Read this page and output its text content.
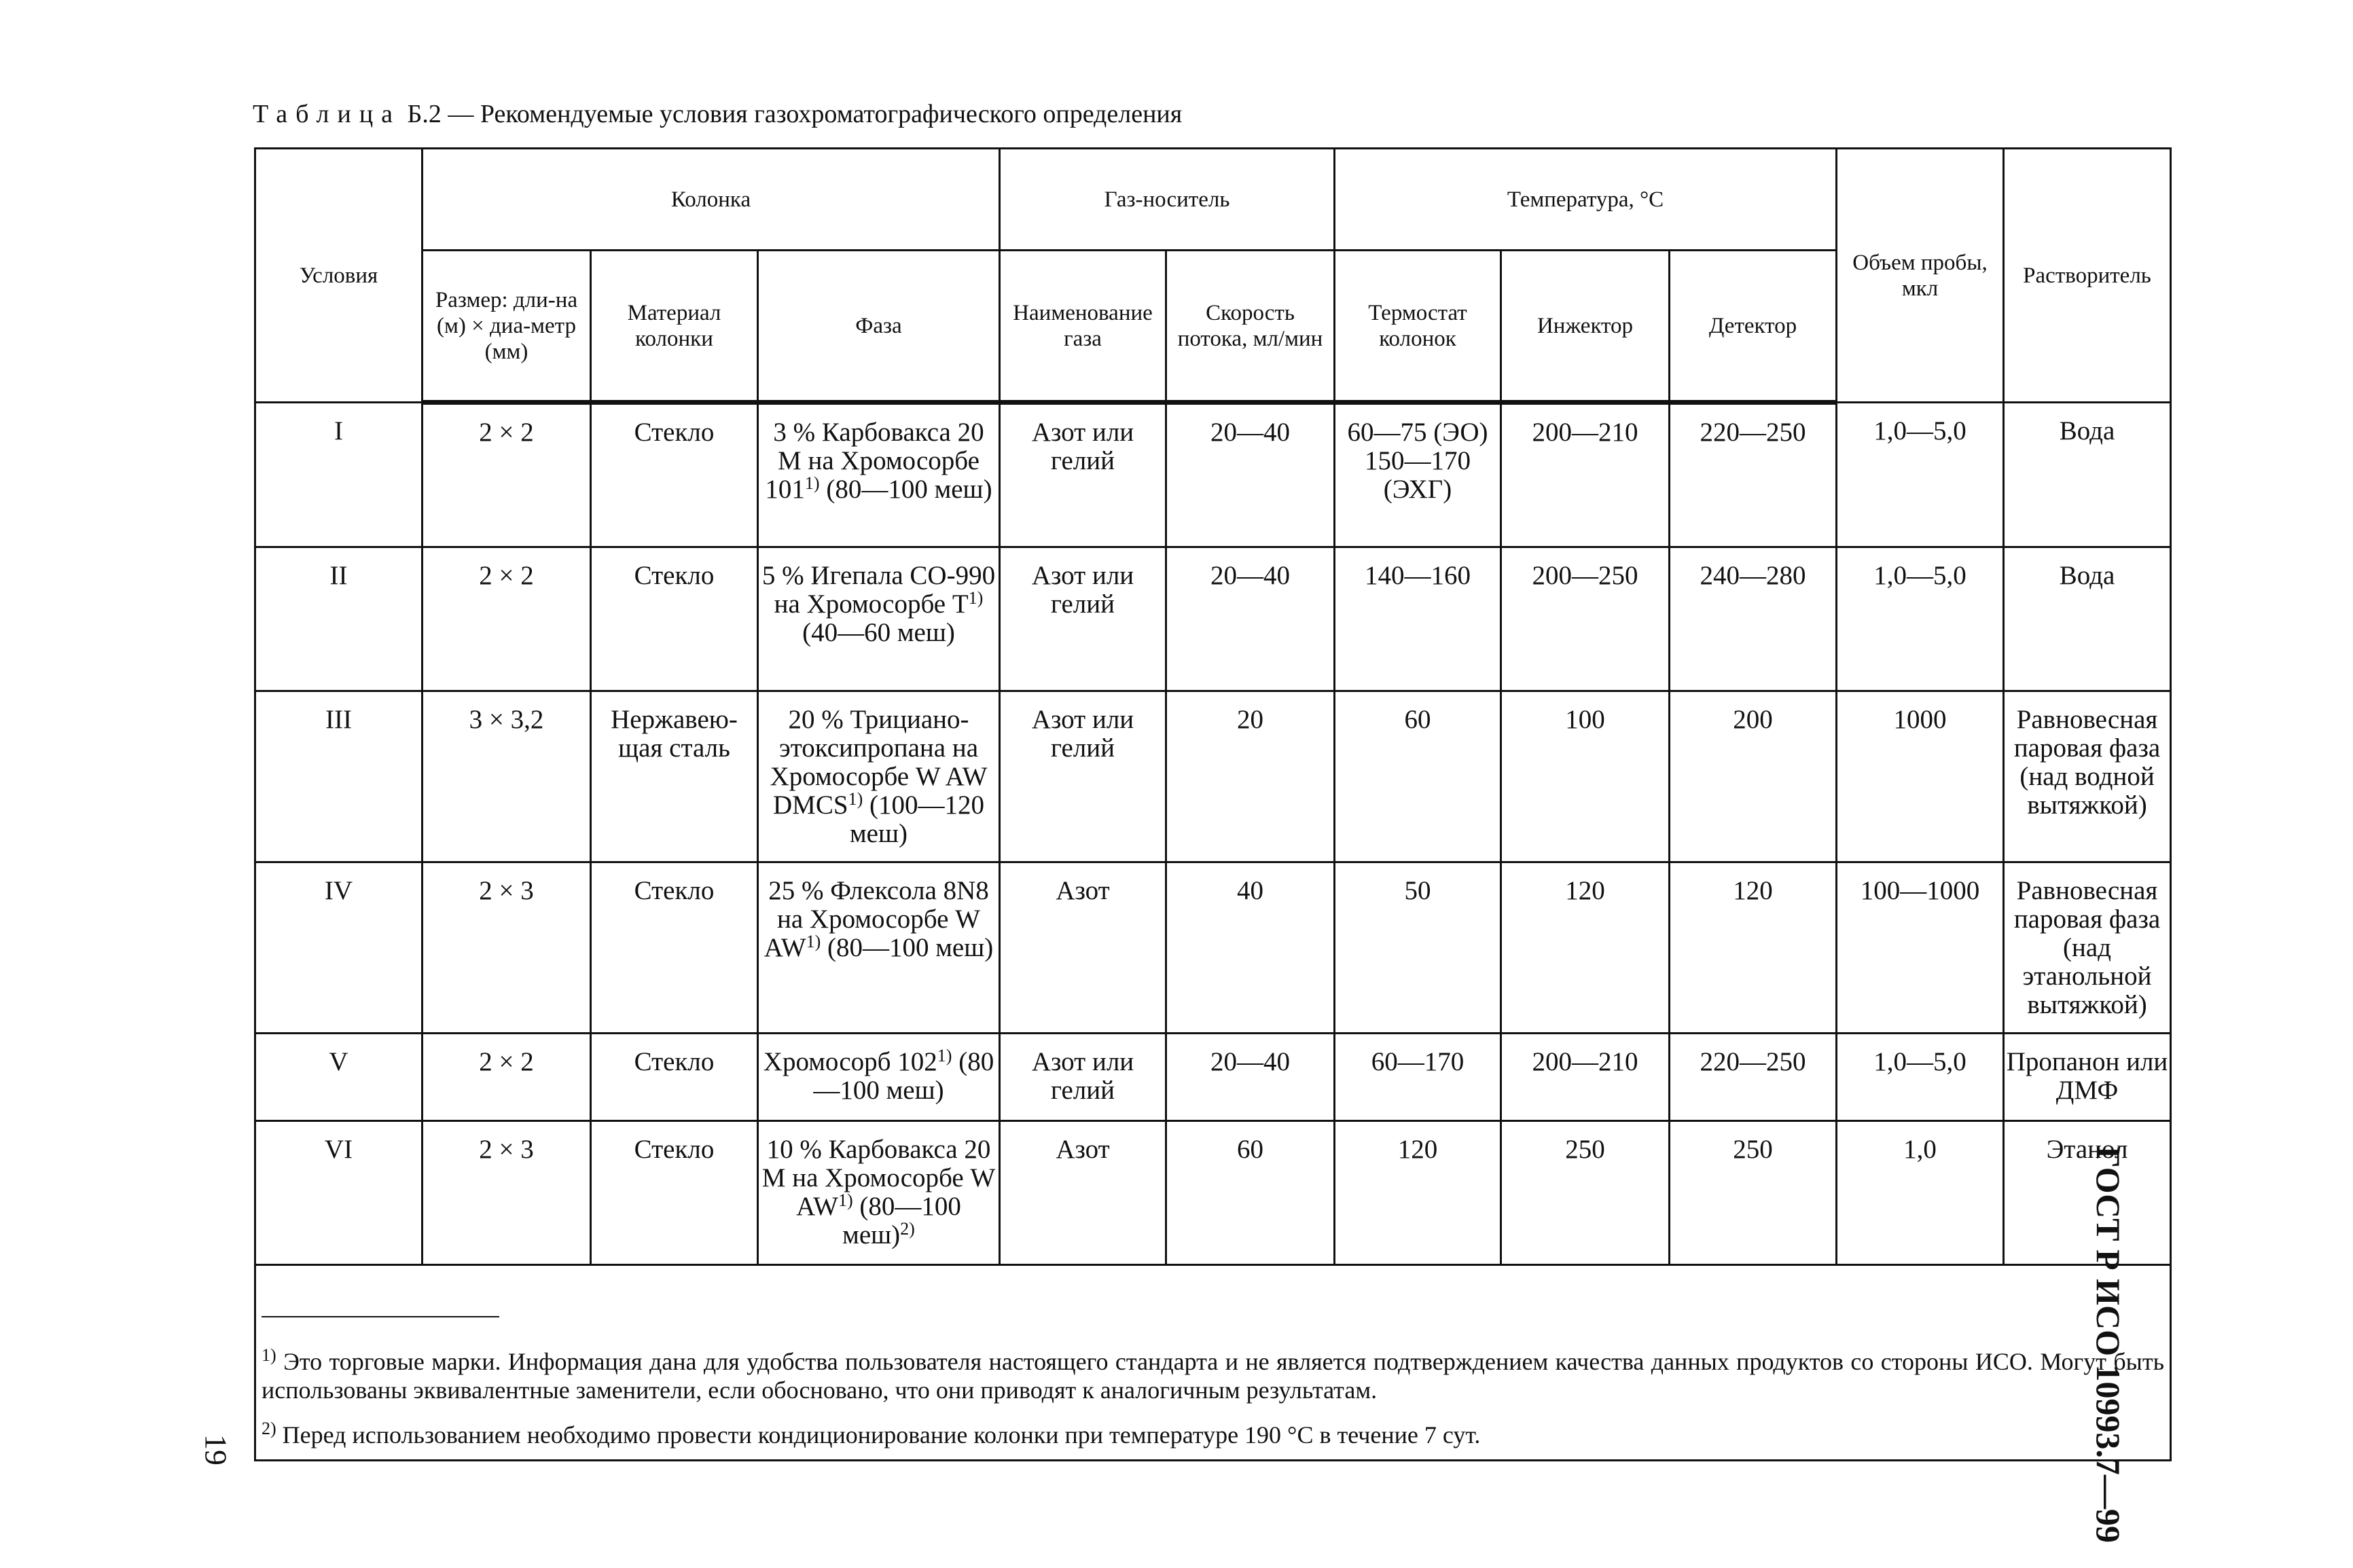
Таблица Б.2 — Рекомендуемые условия газохроматографического определения
Условия	Колонка			Газ-носитель		Температура, °С			Объем пробы, мкл	Растворитель
	Размер: дли-на (м) × диа-метр (мм)	Материал колонки	Фаза	Наименование газа	Скорость потока, мл/мин	Термостат колонок	Инжектор	Детектор		
I	2 × 2	Стекло	3 % Карбовакса 20 М на Хромосорбе 101$^{1)}$ (80—100 меш)	Азот или гелий	20—40	60—75 (ЭО) 150—170 (ЭХГ)	200—210	220—250	1,0—5,0	Вода
II	2 × 2	Стекло	5 % Игепала СО-990 на Хромосорбе $Т^{1)}$ (40—60 меш)	Азот или гелий	20—40	140—160	200—250	240—280	1,0—5,0	Вода
III	3 × 3,2	Нержавею-щая сталь	20 % Трициано-этоксипропана на Хромосорбе W AW DMCS$^{1)}$ (100—120 меш)	Азот или гелий	20	60	100	200	1000	Равновесная паровая фаза (над водной вытяжкой)
IV	2 × 3	Стекло	25 % Флексола 8N8 на Хромосорбе W AW$^{1)}$ (80—100 меш)	Азот	40	50	120	120	100—1000	Равновесная паровая фаза (над этанольной вытяжкой)
V	2 × 2	Стекло	Хромосорб 102$^{1)}$ (80—100 меш)	Азот или гелий	20—40	60—170	200—210	220—250	1,0—5,0	Пропанон или ДМФ
VI	2 × 3	Стекло	10 % Карбовакса 20 М на Хромосорбе W AW$^{1)}$ (80—100 меш)$^{2)}$	Азот	60	120	250	250	1,0	Этанол

$^{1)}$ Это торговые марки. Информация дана для удобства пользователя настоящего стандарта и не является подтверждением качества данных продуктов со стороны ИСО. Могут быть использованы эквивалентные заменители, если обосновано, что они приводят к аналогичным результатам.

$^{2)}$ Перед использованием необходимо провести кондиционирование колонки при температуре 190 °С в течение 7 сут.											ГОСТ Р ИСО 10993.7—99
19
